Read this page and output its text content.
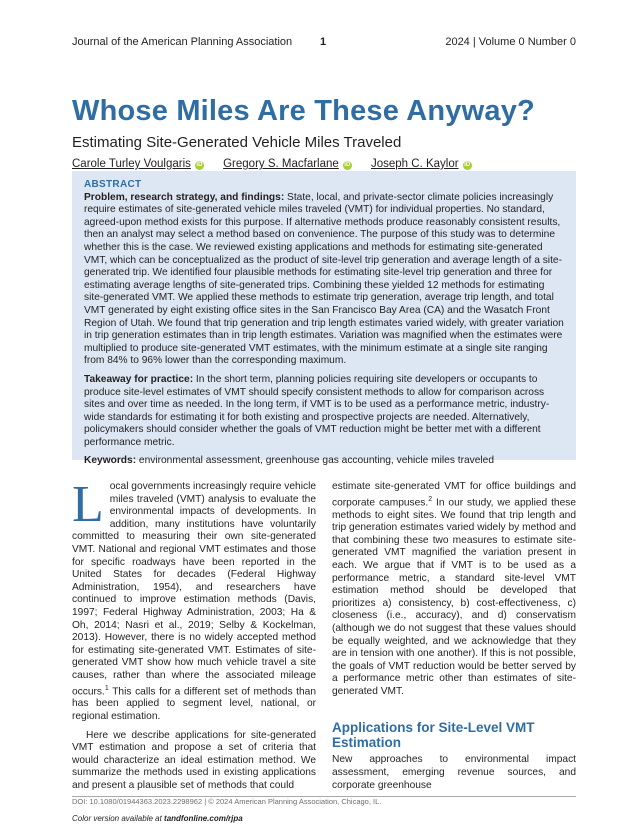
Journal of the American Planning Association	1	2024 | Volume 0 Number 0
Whose Miles Are These Anyway?
Estimating Site-Generated Vehicle Miles Traveled
Carole Turley Voulgaris iD Gregory S. Macfarlane iD Joseph C. Kaylor iD
ABSTRACT

Problem, research strategy, and findings: State, local, and private-sector climate policies increasingly require estimates of site-generated vehicle miles traveled (VMT) for individual properties. No standard, agreed-upon method exists for this purpose. If alternative methods produce reasonably consistent results, then an analyst may select a method based on convenience. The purpose of this study was to determine whether this is the case. We reviewed existing applications and methods for estimating site-generated VMT, which can be conceptualized as the product of site-level trip generation and average length of a site-generated trip. We identified four plausible methods for estimating site-level trip generation and three for estimating average lengths of site-generated trips. Combining these yielded 12 methods for estimating site-generated VMT. We applied these methods to estimate trip generation, average trip length, and total VMT generated by eight existing office sites in the San Francisco Bay Area (CA) and the Wasatch Front Region of Utah. We found that trip generation and trip length estimates varied widely, with greater variation in trip generation estimates than in trip length estimates. Variation was magnified when the estimates were multiplied to produce site-generated VMT estimates, with the minimum estimate at a single site ranging from 84% to 96% lower than the corresponding maximum.

Takeaway for practice: In the short term, planning policies requiring site developers or occupants to produce site-level estimates of VMT should specify consistent methods to allow for comparison across sites and over time as needed. In the long term, if VMT is to be used as a performance metric, industry-wide standards for estimating it for both existing and prospective projects are needed. Alternatively, policymakers should consider whether the goals of VMT reduction might be better met with a different performance metric.

Keywords: environmental assessment, greenhouse gas accounting, vehicle miles traveled

Local governments increasingly require vehicle miles traveled (VMT) analysis to evaluate the environmental impacts of developments. In addition, many institutions have voluntarily committed to measuring their own site-generated VMT. National and regional VMT estimates and those for specific roadways have been reported in the United States for decades (Federal Highway Administration, 1954), and researchers have continued to improve estimation methods (Davis, 1997; Federal Highway Administration, 2003; Ha & Oh, 2014; Nasri et al., 2019; Selby & Kockelman, 2013). However, there is no widely accepted method for estimating site-generated VMT. Estimates of site-generated VMT show how much vehicle travel a site causes, rather than where the associated mileage occurs.$^1$ This calls for a different set of methods than has been applied to segment level, national, or regional estimation.

Here we describe applications for site-generated VMT estimation and propose a set of criteria that would characterize an ideal estimation method. We summarize the methods used in existing applications and present a plausible set of methods that could

estimate site-generated VMT for office buildings and corporate campuses.$^2$ In our study, we applied these methods to eight sites. We found that trip length and trip generation estimates varied widely by method and that combining these two measures to estimate site-generated VMT magnified the variation present in each. We argue that if VMT is to be used as a performance metric, a standard site-level VMT estimation method should be developed that prioritizes a) consistency, b) cost-effectiveness, c) closeness (i.e., accuracy), and d) conservatism (although we do not suggest that these values should be equally weighted, and we acknowledge that they are in tension with one another). If this is not possible, the goals of VMT reduction would be better served by a performance metric other than estimates of site-generated VMT.

Applications for Site-Level VMT Estimation

New approaches to environmental impact assessment, emerging revenue sources, and corporate greenhouse

DOI: 10.1080/01944363.2023.2298962 | © 2024 American Planning Association, Chicago, IL.
Color version available at tandfonline.com/rjpa
